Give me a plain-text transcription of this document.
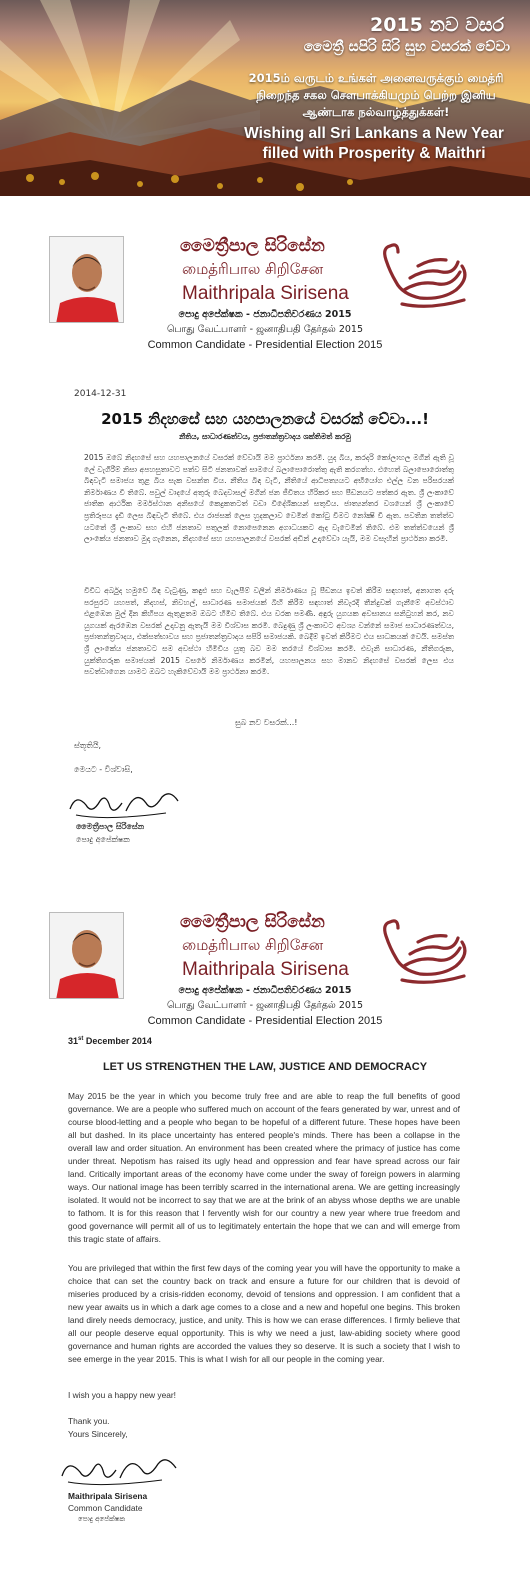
2015 නව වසර
මෛත්‍රී සපිරි සිරි සුභ වසරක් වේවා
2015ம் வருடம் உங்கள் அனைவருக்கும் மைத்ரி நிறைந்த சகல சௌபாக்கியமும் பெற்ற இனிய ஆண்டாக நல்வாழ்த்துக்கள்!
Wishing all Sri Lankans a New Year filled with Prosperity & Maithri
මෛත්‍රීපාල සිරිසේන
மைத்ரிபால சிறிசேன
Maithripala Sirisena
පොදු අපේක්ෂක - ජනාධිපතිවරණය 2015
பொது வேட்பாளர் - ஜனாதிபதி தேர்தல் 2015
Common Candidate - Presidential Election 2015
2014-12-31
2015 නිදහසේ සහ යහපාලනයේ වසරක් වේවා...!
නීතිය, සාධාරණත්වය, ප්‍රජාතන්ත්‍රවාදය ශක්තිමත් කරමු
2015 ඔබේ නිදහසේ සහ යහපාලනයේ වසරක් වේවායි මම ප්‍රාර්ථනා කරමි. යුද බිය, කරදරි කෝලාහල මගින් ඇති වූ ලේ වැගිරීම් නිසා අපහසුතාවට පත්ව සිටි ජනතාවක් සාමයේ බලාපොරොත්තු ඇති කරගත්හ. එහෙත් බලාපොරොත්තු බිඳවැටී සමාජය තුළ බිය සැක වසන්ත විය. නීතිය බිඳ වැටී, නීතියේ ආධිපත්‍යයට අභියෝග එල්ල වන පරිසරයක් නිර්මාණය වී තිබේ. පවුල් වාදයේ අතුරු බෙදවාසල් මගින් ජන ජීවිතය හිරිකර සහ පීඩනයට පත්කර ඇත. ශ්‍රී ලංකාවේ ජාතික ආර්ථික මර්මස්ථාන අනිසයේ කෙදුකතටත් වඩා විදේශිකයන් සතුවිය. ජාත්‍යන්තර වශයෙන් ශ්‍රී ලංකාවේ ප්‍රතිරූපය දැඩි ලෙස බිඳවැටී තිබේ. එය රාජසක් ලෙස හුදකලාව වෙමින් කෝටු වීමට නෝක්‍ෂි වී ඇත. පවතින තත්ත්ව යටතේ ශ්‍රී ලංකාව සහ එහි ජනතාව පතුලක් නොපෙනෙන අගාධයකට ඇද වැටෙමින් තිබේ. එම තත්ත්වයෙන් ශ්‍රී ලාංකේය ජනතාව මුදා ගැනෙන, නිදහසේ සහ යහපාලනයේ වසරක් අඩින් උදාවේවා යැයි, මම වසෑහින් ප්‍රාර්ථනා කරමි.
විවිධ අර්බුද හමුවේ බිඳ වැටුණු, කඳුළු සහ වැලපීම් වලින් නිර්මාණය වූ පීඩනය ඉවත් කිරීම සඳහාත්, අනාගත දරු පරපුරට යහපත්, නිදහස්, නිවහල්, සාධාරණ සමාජයක් බිහි කිරීම සඳහාත් නිවැරදි තීන්දුවක් ගැනීමේ අවස්ථාව එළඹෙන මුල් දින කිහිපය ඇතුළතම ඔබට හිමිව තිබේ. එය වරක පමණි. අඳුරු යුගයක අවසානය සනිටුහන් කර, නව යුගයක් ඇරඹෙන වසරක් උදාවනු ඇතැයි මම විශ්වාස කරමි. බෙදුණු ශ්‍රී ලංකාවට අවශ්‍ය වන්නේ සමාජ සාධාරණත්වය, ප්‍රජාතන්ත්‍රවාදය, එක්සත්භාවය සහ ප්‍රජාතන්ත්‍රවාදය සපිරි සමාජයකි. බෙදීම් ඉවත් කිරීමට එය සාධකයක් වෙයි. සමස්ත ශ්‍රී ලාංකේය ජනතාවට සම අවස්ථා හිමිවිය යුතු බව මම තරයේ විශ්වාස කරමි. එවැනි සාධාරණ, නීතිගරුක, යුක්තිගරුක සමාජයක් 2015 වසරේ නිර්මාණය කරමින්, යහපාලනය සහ මානව නිදහසේ වසරක් ලෙස එය පවත්වාගෙන යාමට ඔබට හැකිවේවායි මම ප්‍රාර්ථනා කරමි.
සුබ නව වසරක්...!
ස්තූතියි,
මෙයට - විශ්වාසි,
මෛත්‍රීපාල සිරිසේන
පොදු අපේක්ෂක
මෛත්‍රීපාල සිරිසේන
மைத்ரிபால சிறிசேன
Maithripala Sirisena
පොදු අපේක්ෂක - ජනාධිපතිවරණය 2015
பொது வேட்பாளர் - ஜனாதிபதி தேர்தல் 2015
Common Candidate - Presidential Election 2015
31st December 2014
LET US STRENGTHEN THE LAW, JUSTICE AND DEMOCRACY
May 2015 be the year in which you become truly free and are able to reap the full benefits of good governance. We are a people who suffered much on account of the fears generated by war, unrest and of course blood-letting and a people who began to be hopeful of a different future. These hopes have been all but dashed. In its place uncertainty has entered people's minds. There has been a collapse in the overall law and order situation. An environment has been created where the primacy of justice has come under threat. Nepotism has raised its ugly head and oppression and fear have spread across our fair land. Critically important areas of the economy have come under the sway of foreign powers in alarming ways. Our national image has been terribly scarred in the international arena. We are getting increasingly isolated. It would not be incorrect to say that we are at the brink of an abyss whose depths we are unable to fathom. It is for this reason that I fervently wish for our country a new year where true freedom and good governance will permit all of us to legitimately entertain the hope that we can and will emerge from this tragic state of affairs.
You are privileged that within the first few days of the coming year you will have the opportunity to make a choice that can set the country back on track and ensure a future for our children that is devoid of miseries produced by a crisis-ridden economy, devoid of tensions and oppression. I am confident that a new year awaits us in which a dark age comes to a close and a new and hopeful one begins. This broken land direly needs democracy, justice, and unity. This is how we can erase differences. I firmly believe that all our people deserve equal opportunity. This is why we need a just, law-abiding society where good governance and human rights are accorded the values they so deserve. It is such a society that I wish to see emerge in the year 2015. This is what I wish for all our people in the coming year.
I wish you a happy new year!
Thank you.
Yours Sincerely,
Maithripala Sirisena
Common Candidate
පොදු අපේක්ෂක
